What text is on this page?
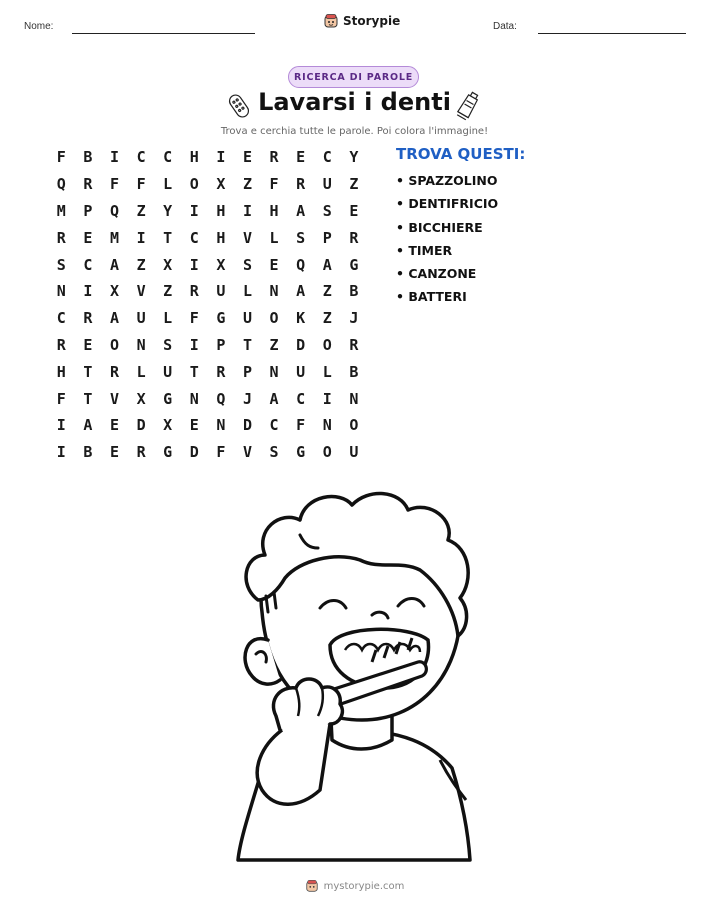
Nome:	Storypie	Data:
RICERCA DI PAROLE
Lavarsi i denti
Trova e cerchia tutte le parole. Poi colora l'immagine!
F	B	I	C	C	H	I	E	R	E	C	Y
Q	R	F	F	L	O	X	Z	F	R	U	Z
M	P	Q	Z	Y	I	H	I	H	A	S	E
R	E	M	I	T	C	H	V	L	S	P	R
S	C	A	Z	X	I	X	S	E	Q	A	G
N	I	X	V	Z	R	U	L	N	A	Z	B
C	R	A	U	L	F	G	U	O	K	Z	J
R	E	O	N	S	I	P	T	Z	D	O	R
H	T	R	L	U	T	R	P	N	U	L	B
F	T	V	X	G	N	Q	J	A	C	I	N
I	A	E	D	X	E	N	D	C	F	N	O
I	B	E	R	G	D	F	V	S	G	O	U
TROVA QUESTI:
• SPAZZOLINO
• DENTIFRICIO
• BICCHIERE
• TIMER
• CANZONE
• BATTERI
mystorypie.com
